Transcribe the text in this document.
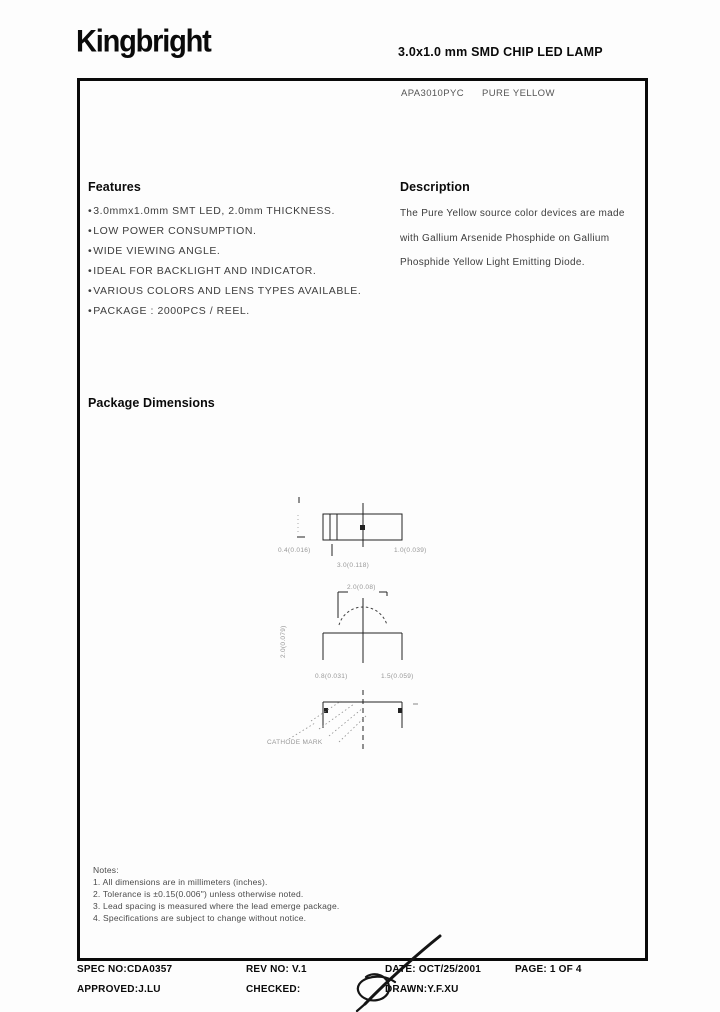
Kingbright	3.0x1.0 mm SMD CHIP LED LAMP
APA3010PYC PURE YELLOW
Features
• 3.0mmx1.0mm SMT LED, 2.0mm THICKNESS.
• LOW POWER CONSUMPTION.
• WIDE VIEWING ANGLE.
• IDEAL FOR BACKLIGHT AND INDICATOR.
• VARIOUS COLORS AND LENS TYPES AVAILABLE.
• PACKAGE : 2000PCS / REEL.
Description
The Pure Yellow source color devices are made
with Gallium Arsenide Phosphide on Gallium
Phosphide Yellow Light Emitting Diode.
Package Dimensions
0.4(0.016)
3.0(0.118)
1.0(0.039)
2.0(0.08)
2.0(0.079)
0.8(0.031)	1.5(0.059)
CATHODE MARK
Notes:
1. All dimensions are in millimeters (inches).
2. Tolerance is ±0.15(0.006") unless otherwise noted.
3. Lead spacing is measured where the lead emerge package.
4. Specifications are subject to change without notice.
SPEC NO:CDA0357
APPROVED:J.LU
REV NO: V.1
CHECKED:
DATE: OCT/25/2001
DRAWN:Y.F.XU
PAGE: 1 OF 4
